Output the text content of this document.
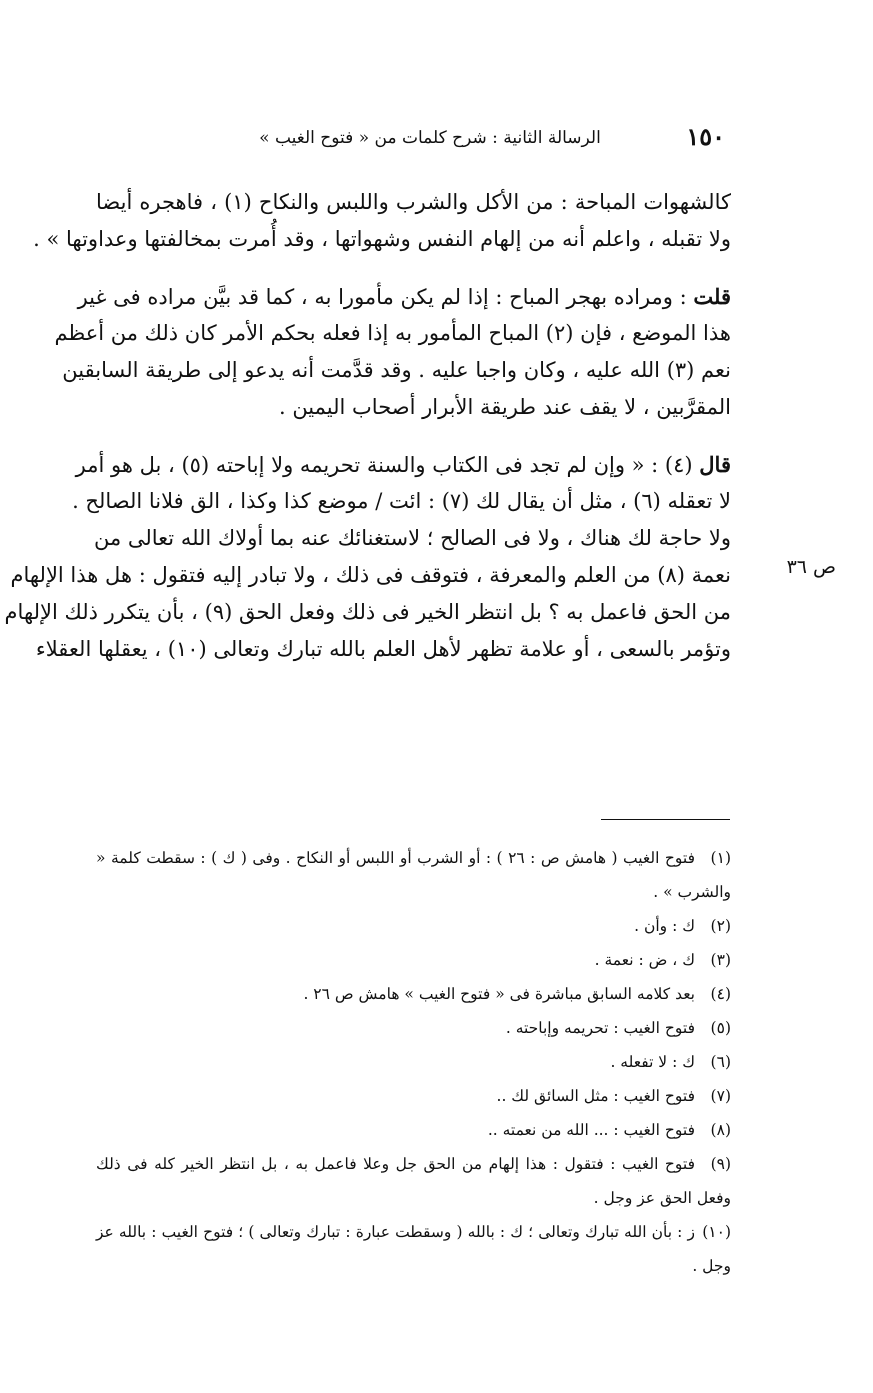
١٥٠
الرسالة الثانية : شرح كلمات من « فتوح الغيب »
ص ٣٦
كالشهوات المباحة : من الأكل والشرب واللبس والنكاح (١) ، فاهجره أيضا
ولا تقبله ، واعلم أنه من إلهام النفس وشهواتها ، وقد أُمرت بمخالفتها وعداوتها » .
قلت : ومراده بهجر المباح : إذا لم يكن مأمورا به ، كما قد بيَّن مراده فى غير
هذا الموضع ، فإن (٢) المباح المأمور به إذا فعله بحكم الأمر كان ذلك من أعظم
نعم (٣) الله عليه ، وكان واجبا عليه . وقد قدَّمت أنه يدعو إلى طريقة السابقين
المقرَّبين ، لا يقف عند طريقة الأبرار أصحاب اليمين .
قال (٤) : « وإن لم تجد فى الكتاب والسنة تحريمه ولا إباحته (٥) ، بل هو أمر
لا تعقله (٦) ، مثل أن يقال لك (٧) : ائت / موضع كذا وكذا ، الق فلانا الصالح .
ولا حاجة لك هناك ، ولا فى الصالح ؛ لاستغنائك عنه بما أولاك الله تعالى من
نعمة (٨) من العلم والمعرفة ، فتوقف فى ذلك ، ولا تبادر إليه فتقول : هل هذا الإلهام
من الحق فاعمل به ؟ بل انتظر الخير فى ذلك وفعل الحق (٩) ، بأن يتكرر ذلك الإلهام
وتؤمر بالسعى ، أو علامة تظهر لأهل العلم بالله تبارك وتعالى (١٠) ، يعقلها العقلاء
(١)فتوح الغيب ( هامش ص : ٢٦ ) : أو الشرب أو اللبس أو النكاح . وفى ( ك ) : سقطت كلمة «
والشرب » .
(٢)ك : وأن .
(٣)ك ، ض : نعمة .
(٤)بعد كلامه السابق مباشرة فى « فتوح الغيب » هامش ص ٢٦ .
(٥)فتوح الغيب : تحريمه وإباحته .
(٦)ك : لا تفعله .
(٧)فتوح الغيب : مثل السائق لك ..
(٨)فتوح الغيب : ... الله من نعمته ..
(٩)فتوح الغيب : فتقول : هذا إلهام من الحق جل وعلا فاعمل به ، بل انتظر الخير كله فى ذلك
وفعل الحق عز وجل .
(١٠)ز : بأن الله تبارك وتعالى ؛ ك : بالله ( وسقطت عبارة : تبارك وتعالى ) ؛ فتوح الغيب : بالله عز
وجل .
